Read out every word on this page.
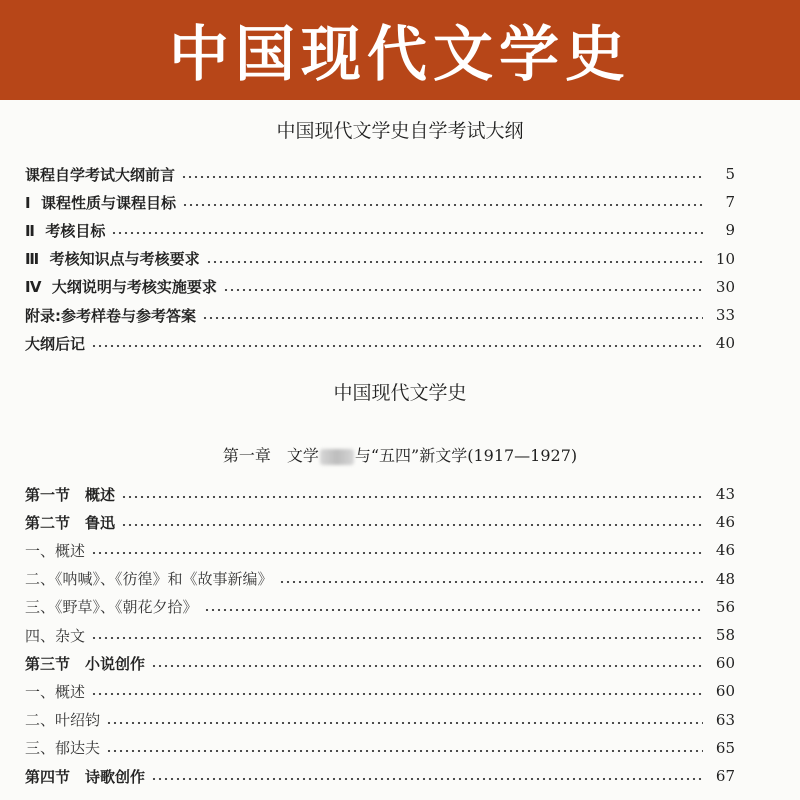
中国现代文学史
中国现代文学史自学考试大纲
课程自学考试大纲前言	5
Ⅰ  课程性质与课程目标	7
Ⅱ  考核目标	9
Ⅲ  考核知识点与考核要求	10
Ⅳ  大纲说明与考核实施要求	30
附录:参考样卷与参考答案	33
大纲后记	40
中国现代文学史
第一章　文学 与“五四”新文学(1917—1927)
第一节　概述	43
第二节　鲁迅	46
一、概述	46
二、《呐喊》、《彷徨》和《故事新编》	48
三、《野草》、《朝花夕拾》	56
四、杂文	58
第三节　小说创作	60
一、概述	60
二、叶绍钧	63
三、郁达夫	65
第四节　诗歌创作	67
